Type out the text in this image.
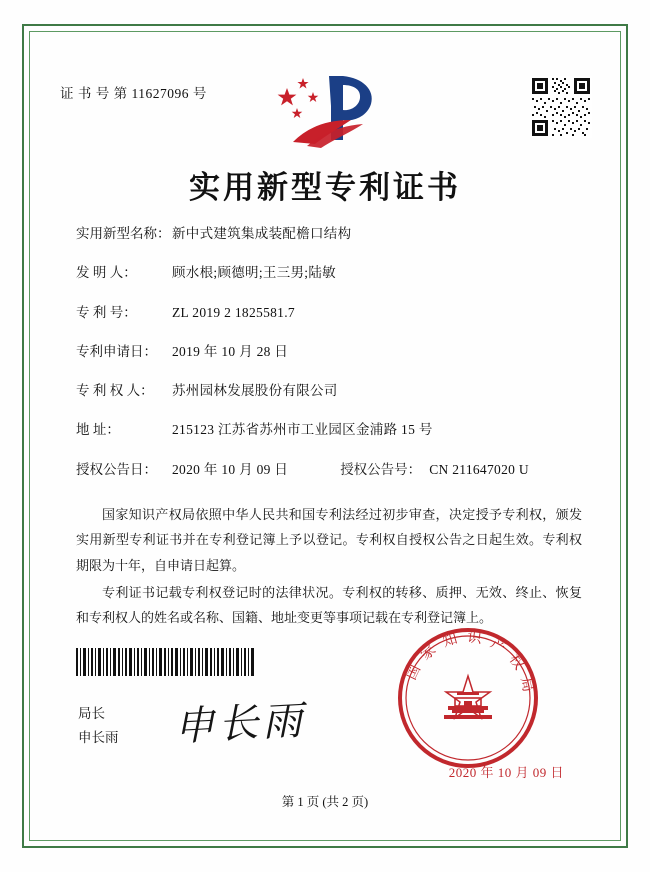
证 书 号 第 11627096 号
实用新型专利证书
实用新型名称： 新中式建筑集成装配檐口结构
发 明 人：	顾水根;顾德明;王三男;陆敏
专 利 号：	ZL 2019 2 1825581.7
专利申请日：	2019 年 10 月 28 日
专 利 权 人：	苏州园林发展股份有限公司
地 址：	215123 江苏省苏州市工业园区金浦路 15 号
授权公告日：	2020 年 10 月 09 日	授权公告号： CN 211647020 U

国家知识产权局依照中华人民共和国专利法经过初步审查，决定授予专利权，颁发实用新型专利证书并在专利登记簿上予以登记。专利权自授权公告之日起生效。专利权期限为十年，自申请日起算。

专利证书记载专利权登记时的法律状况。专利权的转移、质押、无效、终止、恢复和专利权人的姓名或名称、国籍、地址变更等事项记载在专利登记簿上。

局长
申长雨 申长雨
国 家 知 识 产 权 局
2020 年 10 月 09 日
第 1 页 (共 2 页)
